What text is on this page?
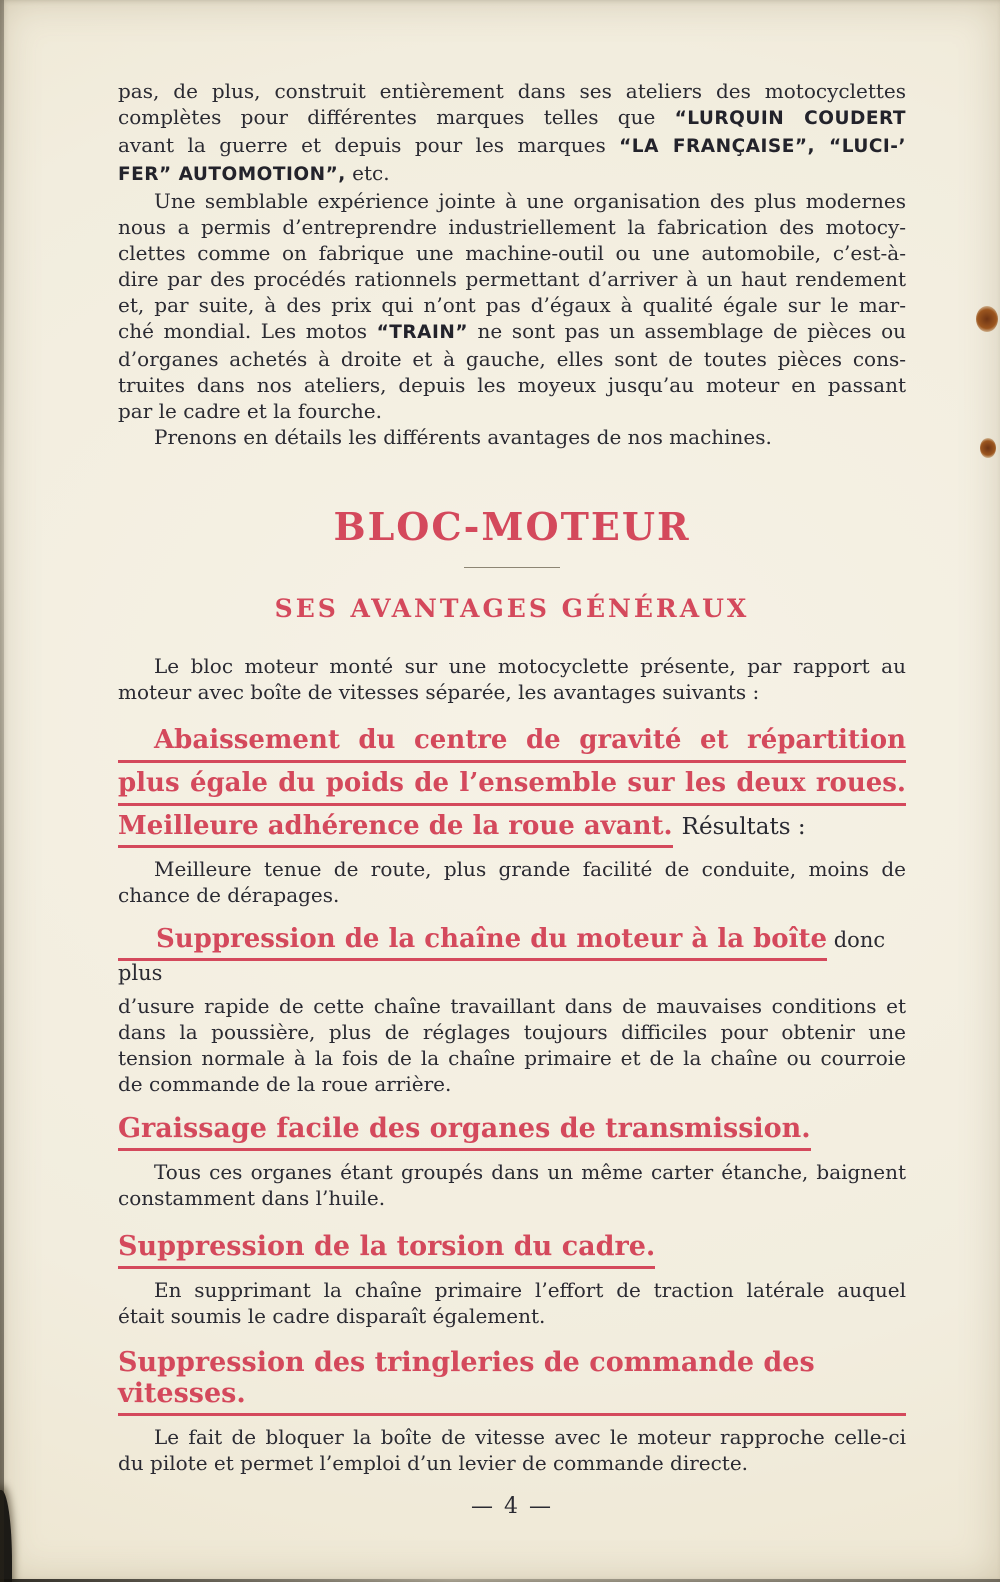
pas, de plus, construit entièrement dans ses ateliers des motocyclettes
complètes pour différentes marques telles que “LURQUIN COUDERT
avant la guerre et depuis pour les marques “LA FRANÇAISE”, “LUCI-’
FER” AUTOMOTION”, etc.
Une semblable expérience jointe à une organisation des plus modernes
nous a permis d’entreprendre industriellement la fabrication des motocy-
clettes comme on fabrique une machine-outil ou une automobile, c’est-à-
dire par des procédés rationnels permettant d’arriver à un haut rendement
et, par suite, à des prix qui n’ont pas d’égaux à qualité égale sur le mar-
ché mondial. Les motos “TRAIN” ne sont pas un assemblage de pièces ou
d’organes achetés à droite et à gauche, elles sont de toutes pièces cons-
truites dans nos ateliers, depuis les moyeux jusqu’au moteur en passant
par le cadre et la fourche.
Prenons en détails les différents avantages de nos machines.
BLOC-MOTEUR
SES AVANTAGES GÉNÉRAUX
Le bloc moteur monté sur une motocyclette présente, par rapport au
moteur avec boîte de vitesses séparée, les avantages suivants :
Abaissement du centre de gravité et répartition
plus égale du poids de l’ensemble sur les deux roues.
Meilleure adhérence de la roue avant. Résultats :
Meilleure tenue de route, plus grande facilité de conduite, moins de
chance de dérapages.
Suppression de la chaîne du moteur à la boîte donc plus
d’usure rapide de cette chaîne travaillant dans de mauvaises conditions et
dans la poussière, plus de réglages toujours difficiles pour obtenir une
tension normale à la fois de la chaîne primaire et de la chaîne ou courroie
de commande de la roue arrière.
Graissage facile des organes de transmission.
Tous ces organes étant groupés dans un même carter étanche, baignent
constamment dans l’huile.
Suppression de la torsion du cadre.
En supprimant la chaîne primaire l’effort de traction latérale auquel
était soumis le cadre disparaît également.
Suppression des tringleries de commande des vitesses.
Le fait de bloquer la boîte de vitesse avec le moteur rapproche celle-ci
du pilote et permet l’emploi d’un levier de commande directe.
— 4 —
